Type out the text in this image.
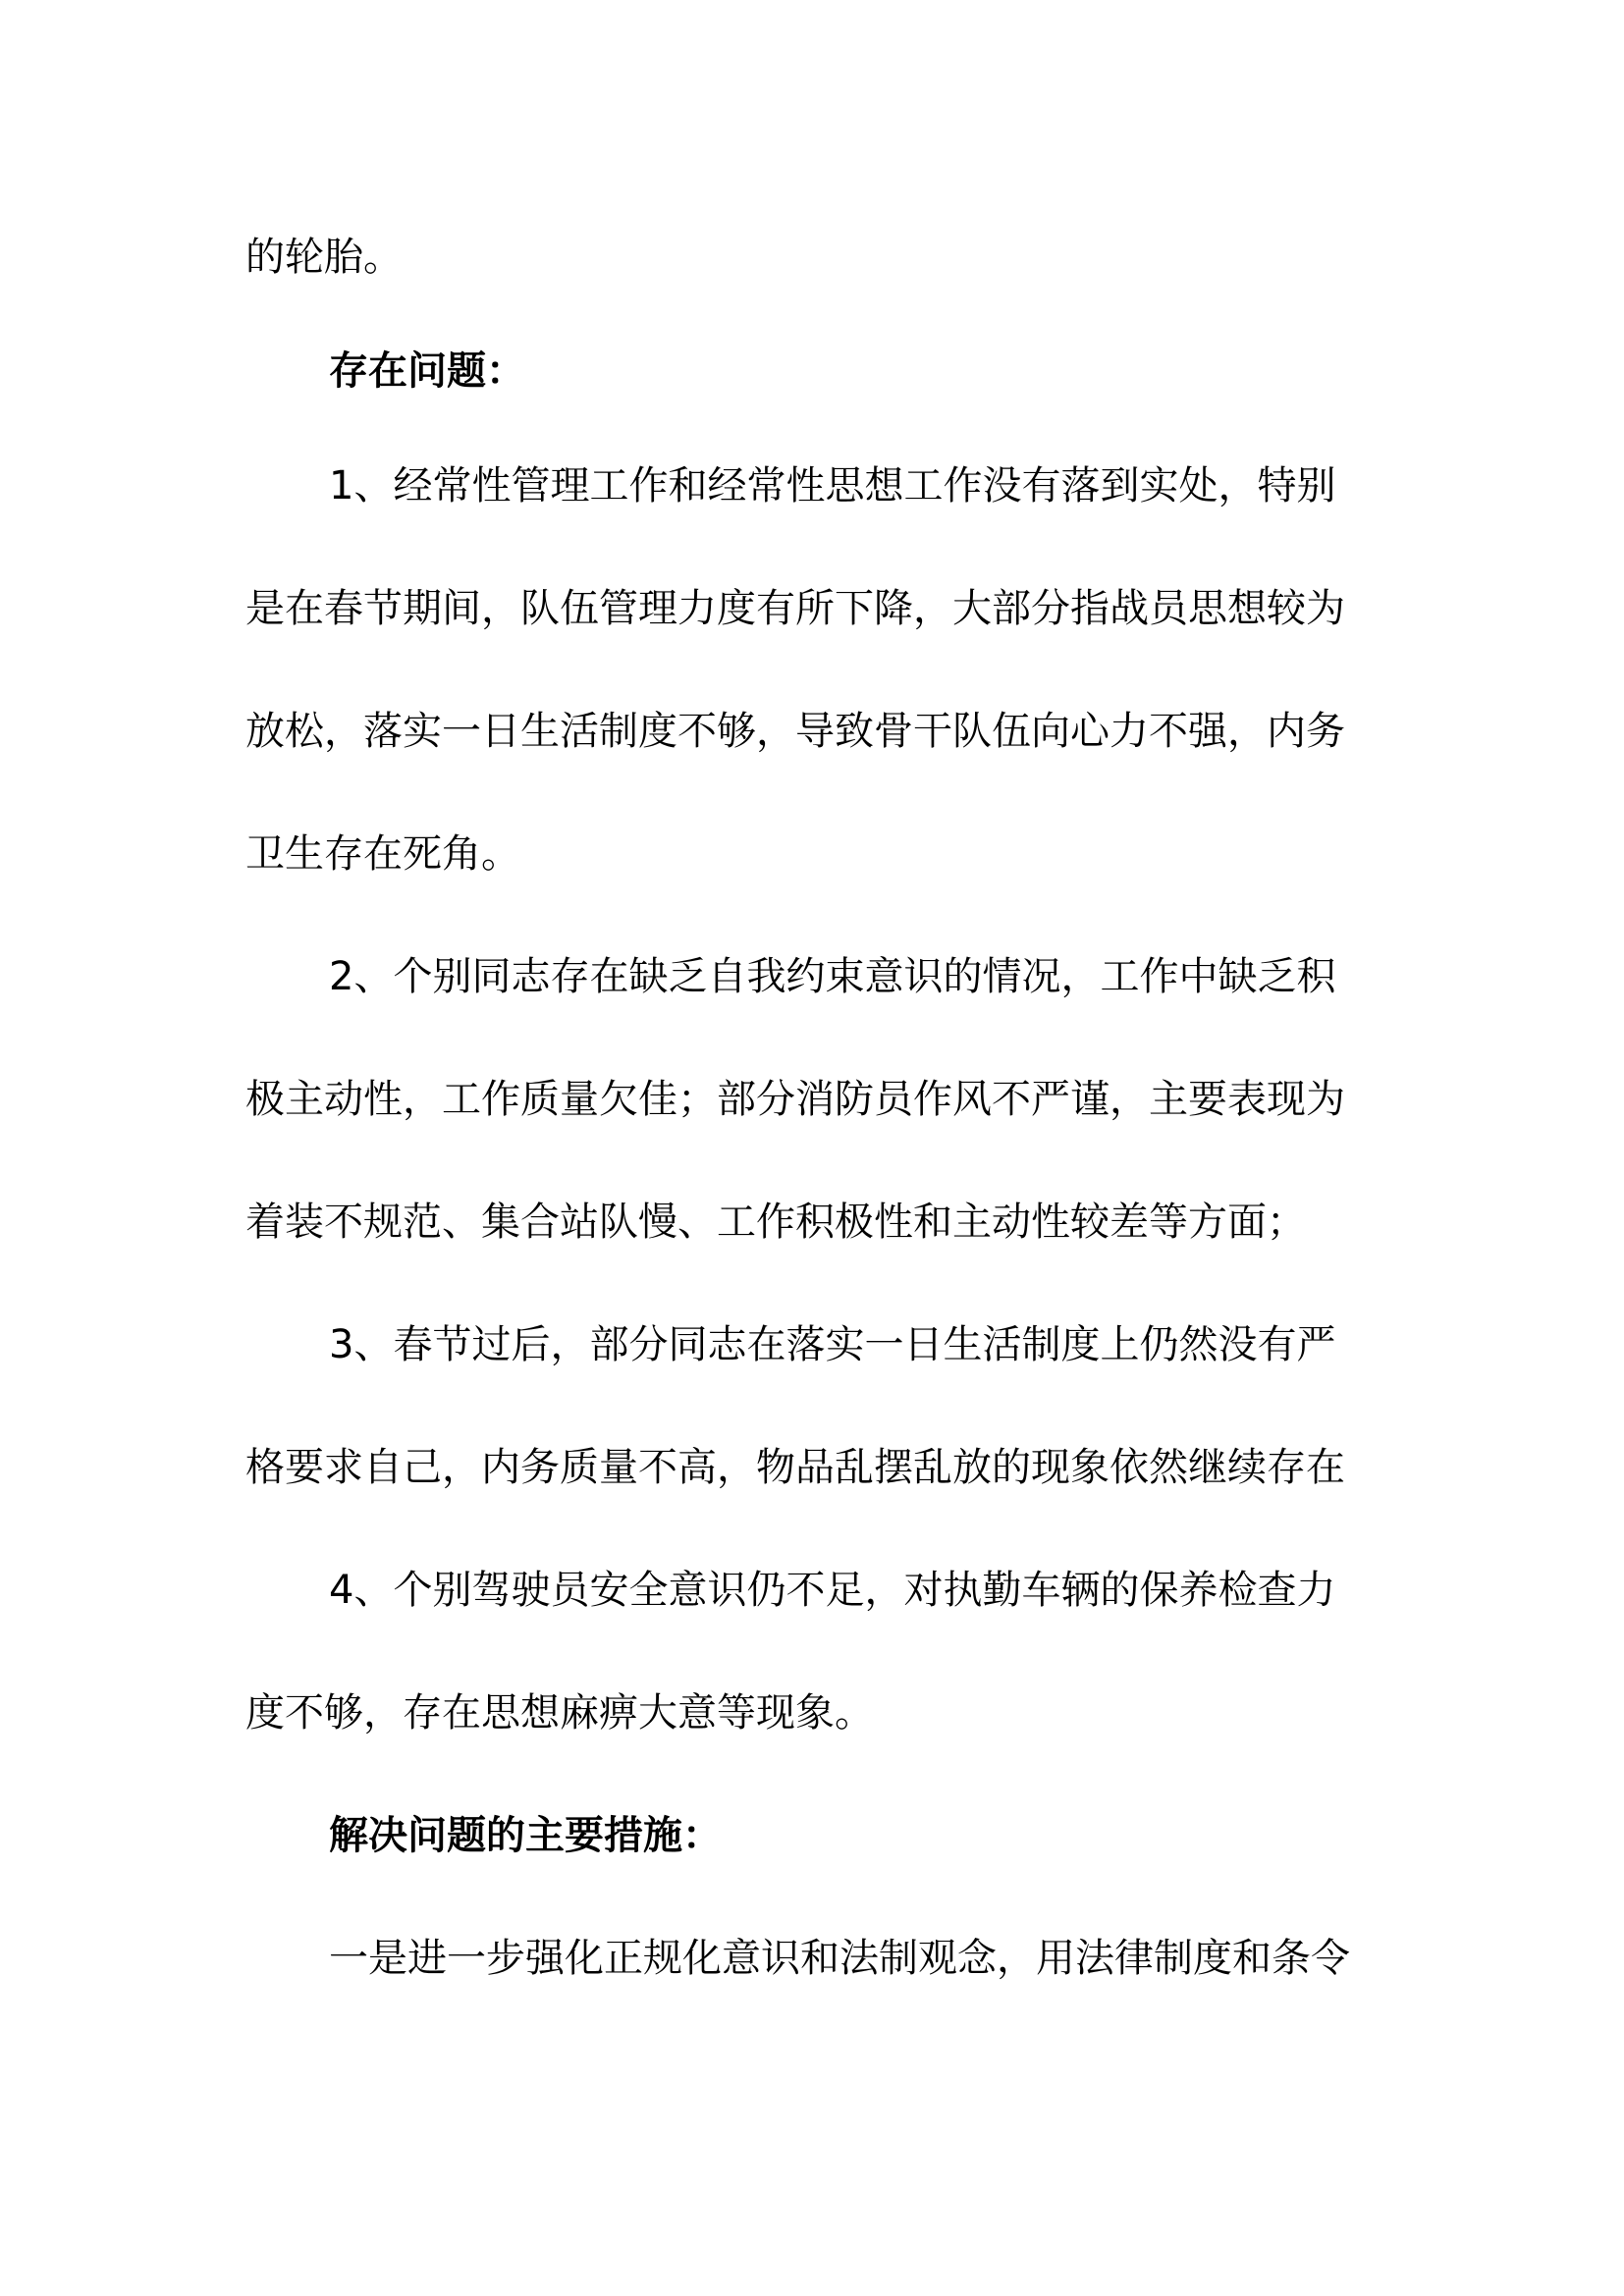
的轮胎。
存在问题：
1、经常性管理工作和经常性思想工作没有落到实处，特别
是在春节期间，队伍管理力度有所下降，大部分指战员思想较为
放松，落实一日生活制度不够，导致骨干队伍向心力不强，内务
卫生存在死角。
2、个别同志存在缺乏自我约束意识的情况，工作中缺乏积
极主动性，工作质量欠佳；部分消防员作风不严谨，主要表现为
着装不规范、集合站队慢、工作积极性和主动性较差等方面；
3、春节过后，部分同志在落实一日生活制度上仍然没有严
格要求自己，内务质量不高，物品乱摆乱放的现象依然继续存在
4、个别驾驶员安全意识仍不足，对执勤车辆的保养检查力
度不够，存在思想麻痹大意等现象。
解决问题的主要措施：
一是进一步强化正规化意识和法制观念，用法律制度和条令
